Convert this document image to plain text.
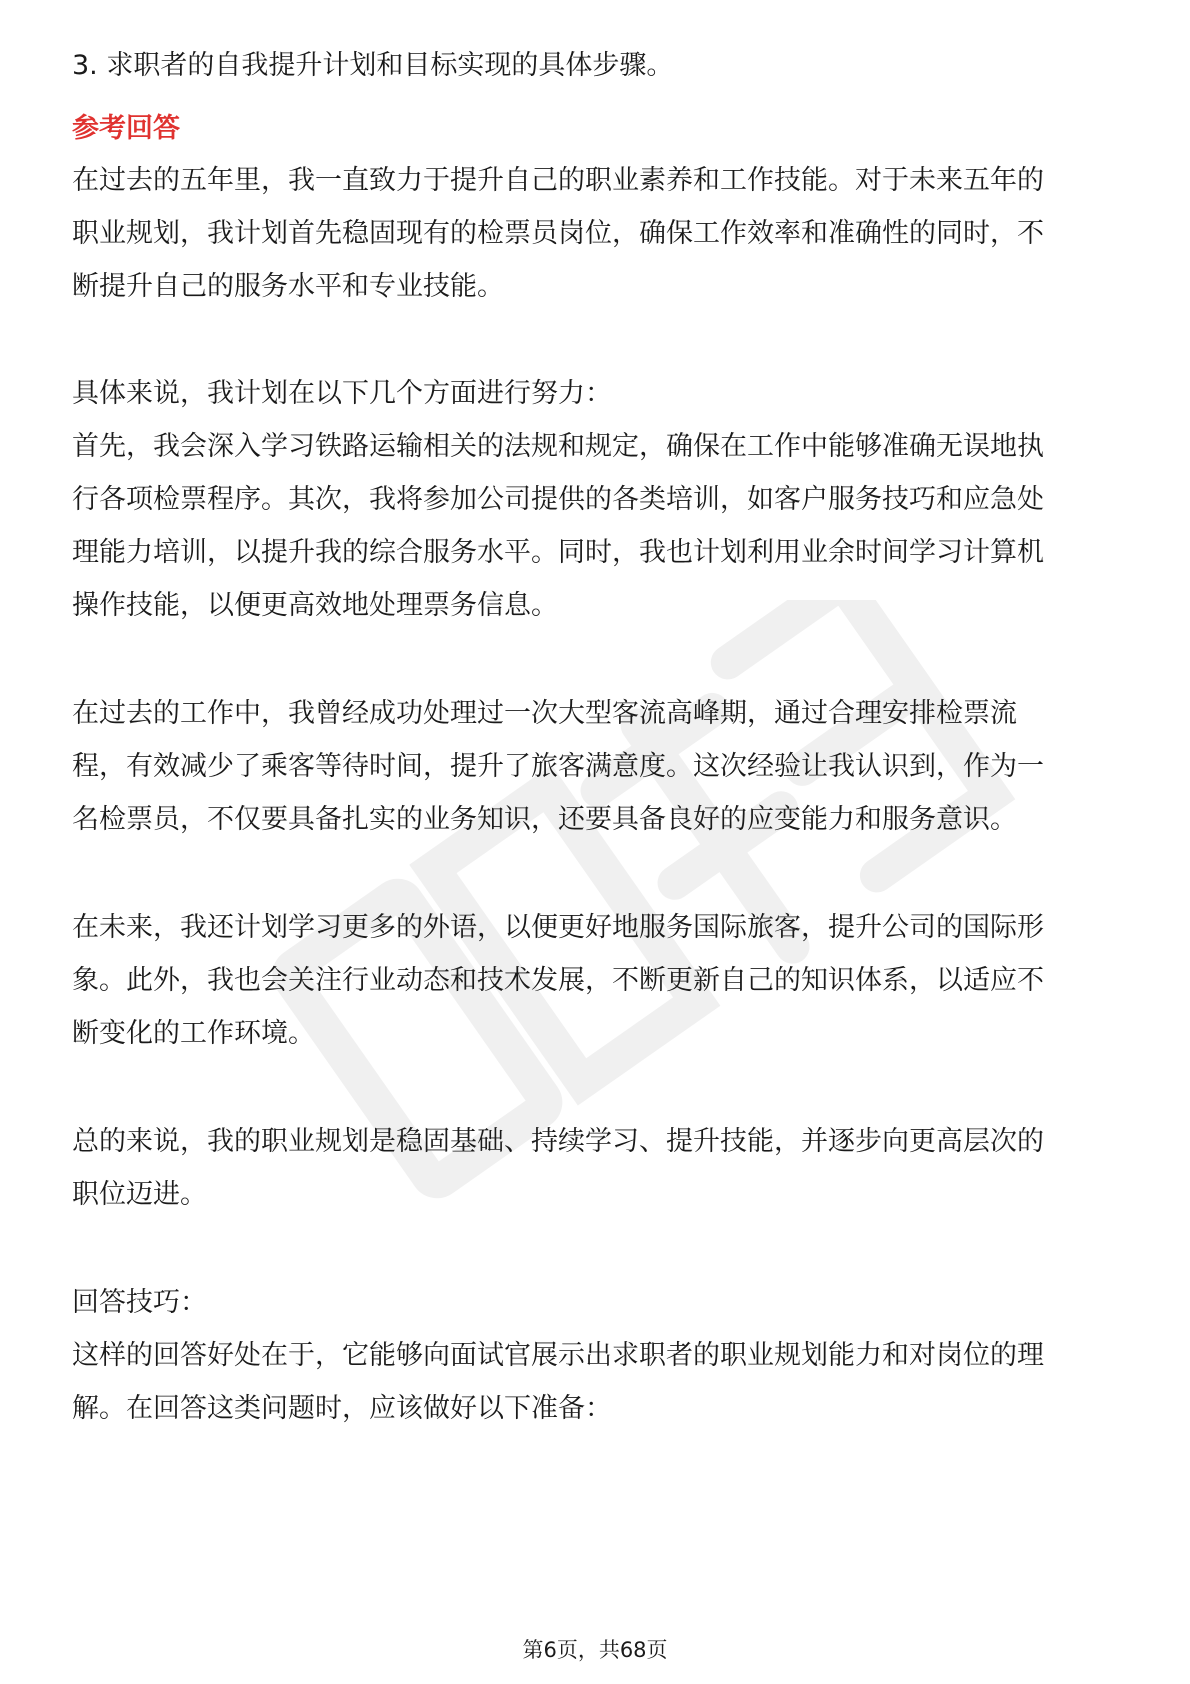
3. 求职者的自我提升计划和目标实现的具体步骤。
参考回答
在过去的五年里，我一直致力于提升自己的职业素养和工作技能。对于未来五年的
职业规划，我计划首先稳固现有的检票员岗位，确保工作效率和准确性的同时，不
断提升自己的服务水平和专业技能。
具体来说，我计划在以下几个方面进行努力：
首先，我会深入学习铁路运输相关的法规和规定，确保在工作中能够准确无误地执
行各项检票程序。其次，我将参加公司提供的各类培训，如客户服务技巧和应急处
理能力培训，以提升我的综合服务水平。同时，我也计划利用业余时间学习计算机
操作技能，以便更高效地处理票务信息。
在过去的工作中，我曾经成功处理过一次大型客流高峰期，通过合理安排检票流
程，有效减少了乘客等待时间，提升了旅客满意度。这次经验让我认识到，作为一
名检票员，不仅要具备扎实的业务知识，还要具备良好的应变能力和服务意识。
在未来，我还计划学习更多的外语，以便更好地服务国际旅客，提升公司的国际形
象。此外，我也会关注行业动态和技术发展，不断更新自己的知识体系，以适应不
断变化的工作环境。
总的来说，我的职业规划是稳固基础、持续学习、提升技能，并逐步向更高层次的
职位迈进。
回答技巧：
这样的回答好处在于，它能够向面试官展示出求职者的职业规划能力和对岗位的理
解。在回答这类问题时，应该做好以下准备：
第6页，共68页
